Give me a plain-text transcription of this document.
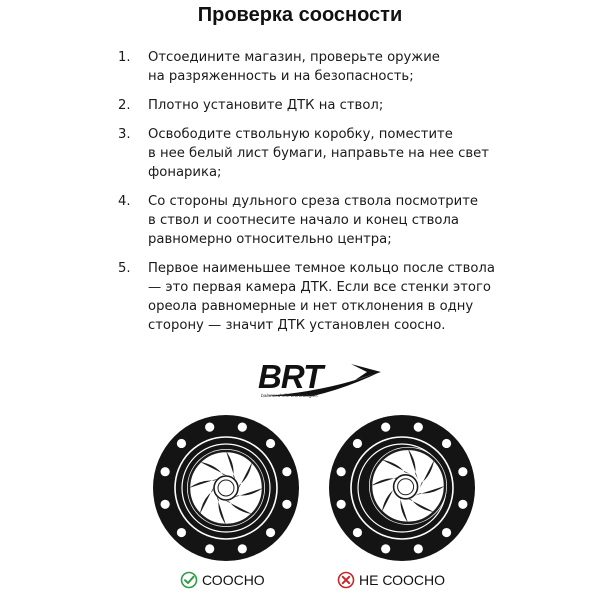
Проверка соосности
1. Отсоедините магазин, проверьте оружие
на разряженность и на безопасность;
2. Плотно установите ДТК на ствол;
3. Освободите ствольную коробку, поместите
в нее белый лист бумаги, направьте на нее свет
фонарика;
4. Со стороны дульного среза ствола посмотрите
в ствол и соотнесите начало и конец ствола
равномерно относительно центра;
5. Первое наименьшее темное кольцо после ствола
— это первая камера ДТК. Если все стенки этого
ореола равномерные и нет отклонения в одну
сторону — значит ДТК установлен соосно.
BRT
balanced rifle technologies
СООСНО	НЕ СООСНО
